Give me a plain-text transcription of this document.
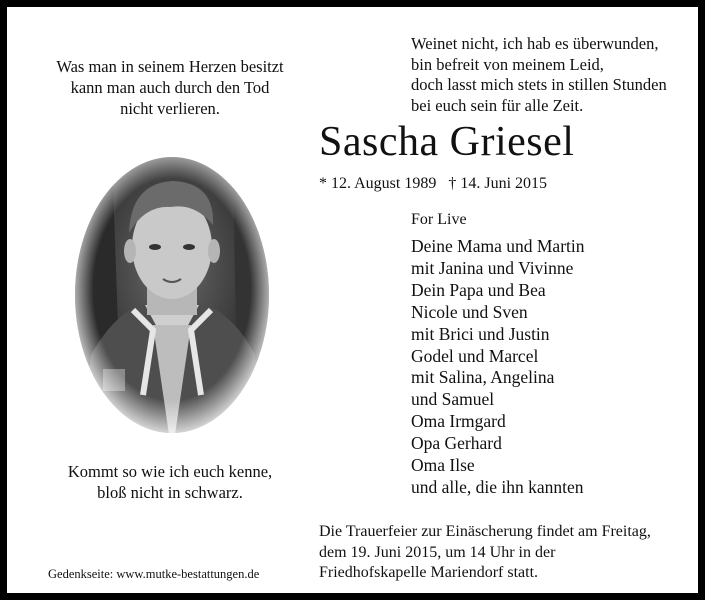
Was man in seinem Herzen besitzt
kann man auch durch den Tod
nicht verlieren.
Weinet nicht, ich hab es überwunden,
bin befreit von meinem Leid,
doch lasst mich stets in stillen Stunden
bei euch sein für alle Zeit.
Sascha Griesel
* 12. August 1989   † 14. Juni 2015
For Live
Deine Mama und Martin
mit Janina und Vivinne
Dein Papa und Bea
Nicole und Sven
mit Brici und Justin
Godel und Marcel
mit Salina, Angelina
und Samuel
Oma Irmgard
Opa Gerhard
Oma Ilse
und alle, die ihn kannten
Kommt so wie ich euch kenne,
bloß nicht in schwarz.
Die Trauerfeier zur Einäscherung findet am Freitag,
dem 19. Juni 2015, um 14 Uhr in der
Friedhofskapelle Mariendorf statt.
Gedenkseite: www.mutke-bestattungen.de
